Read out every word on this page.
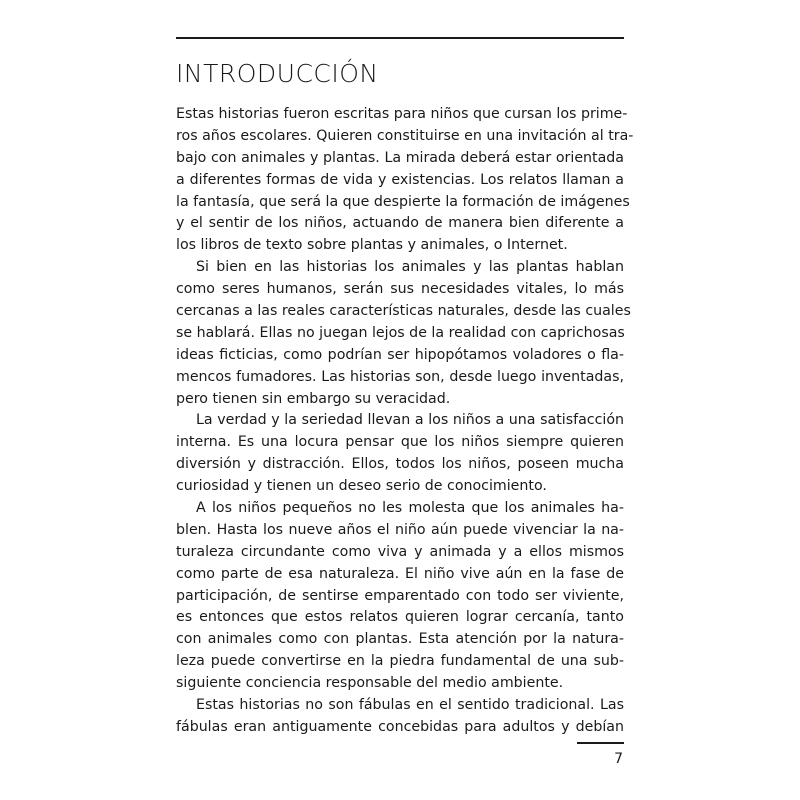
INTRODUCCIÓN
Estas historias fueron escritas para niños que cursan los prime-
ros años escolares. Quieren constituirse en una invitación al tra-
bajo con animales y plantas. La mirada deberá estar orientada
a diferentes formas de vida y existencias. Los relatos llaman a
la fantasía, que será la que despierte la formación de imágenes
y el sentir de los niños, actuando de manera bien diferente a
los libros de texto sobre plantas y animales, o Internet.
Si bien en las historias los animales y las plantas hablan
como seres humanos, serán sus necesidades vitales, lo más
cercanas a las reales características naturales, desde las cuales
se hablará. Ellas no juegan lejos de la realidad con caprichosas
ideas ficticias, como podrían ser hipopótamos voladores o fla-
mencos fumadores. Las historias son, desde luego inventadas,
pero tienen sin embargo su veracidad.
La verdad y la seriedad llevan a los niños a una satisfacción
interna. Es una locura pensar que los niños siempre quieren
diversión y distracción. Ellos, todos los niños, poseen mucha
curiosidad y tienen un deseo serio de conocimiento.
A los niños pequeños no les molesta que los animales ha-
blen. Hasta los nueve años el niño aún puede vivenciar la na-
turaleza circundante como viva y animada y a ellos mismos
como parte de esa naturaleza. El niño vive aún en la fase de
participación, de sentirse emparentado con todo ser viviente,
es entonces que estos relatos quieren lograr cercanía, tanto
con animales como con plantas. Esta atención por la natura-
leza puede convertirse en la piedra fundamental de una sub-
siguiente conciencia responsable del medio ambiente.
Estas historias no son fábulas en el sentido tradicional. Las
fábulas eran antiguamente concebidas para adultos y debían
7
